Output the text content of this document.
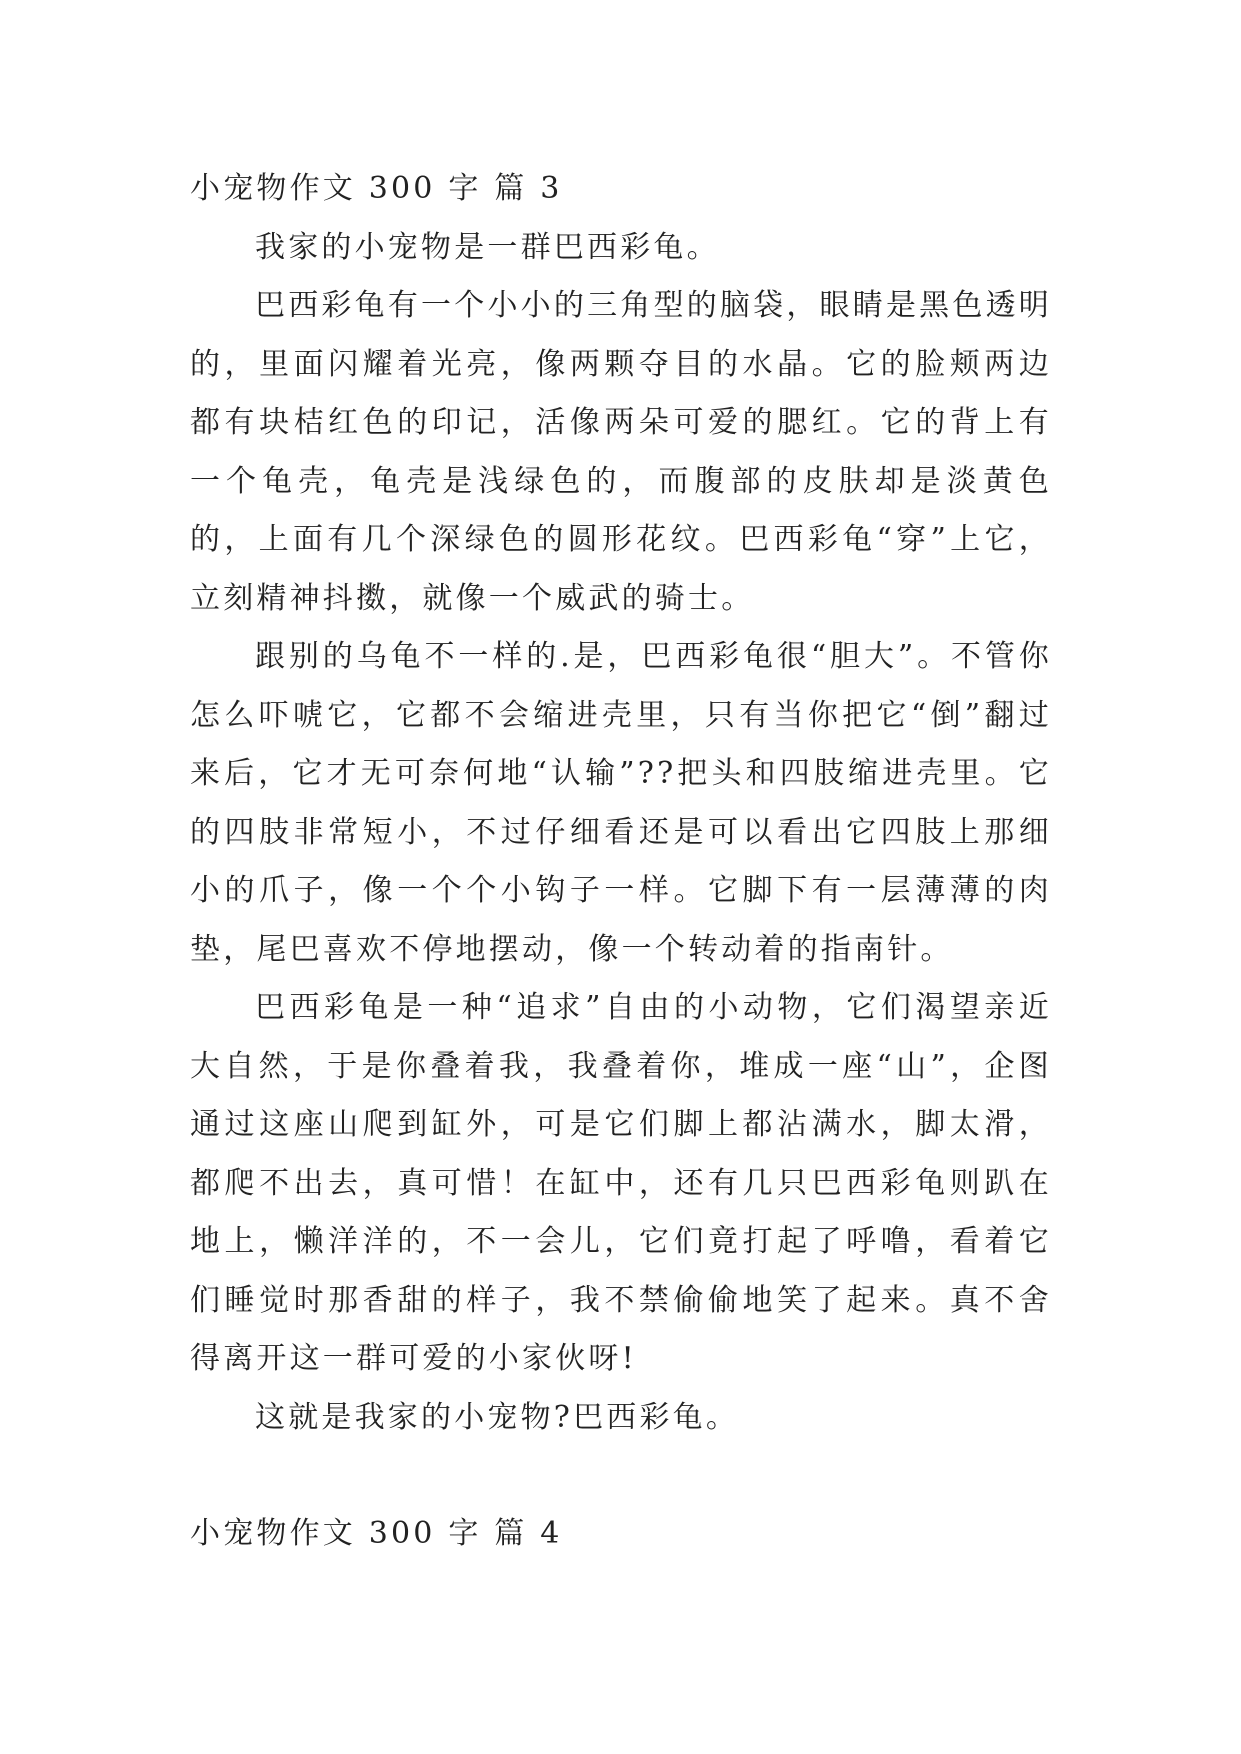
小宠物作文 300 字 篇 3

我家的小宠物是一群巴西彩龟。

巴西彩龟有一个小小的三角型的脑袋，眼睛是黑色透明的，里面闪耀着光亮，像两颗夺目的水晶。它的脸颊两边都有块桔红色的印记，活像两朵可爱的腮红。它的背上有一个龟壳，龟壳是浅绿色的，而腹部的皮肤却是淡黄色的，上面有几个深绿色的圆形花纹。巴西彩龟“穿”上它，立刻精神抖擞，就像一个威武的骑士。

跟别的乌龟不一样的.是，巴西彩龟很“胆大”。不管你怎么吓唬它，它都不会缩进壳里，只有当你把它“倒”翻过来后，它才无可奈何地“认输”??把头和四肢缩进壳里。它的四肢非常短小，不过仔细看还是可以看出它四肢上那细小的爪子，像一个个小钩子一样。它脚下有一层薄薄的肉垫，尾巴喜欢不停地摆动，像一个转动着的指南针。

巴西彩龟是一种“追求”自由的小动物，它们渴望亲近大自然，于是你叠着我，我叠着你，堆成一座“山”，企图通过这座山爬到缸外，可是它们脚上都沾满水，脚太滑，都爬不出去，真可惜！在缸中，还有几只巴西彩龟则趴在地上，懒洋洋的，不一会儿，它们竟打起了呼噜，看着它们睡觉时那香甜的样子，我不禁偷偷地笑了起来。真不舍得离开这一群可爱的小家伙呀!

这就是我家的小宠物?巴西彩龟。

小宠物作文 300 字 篇 4
